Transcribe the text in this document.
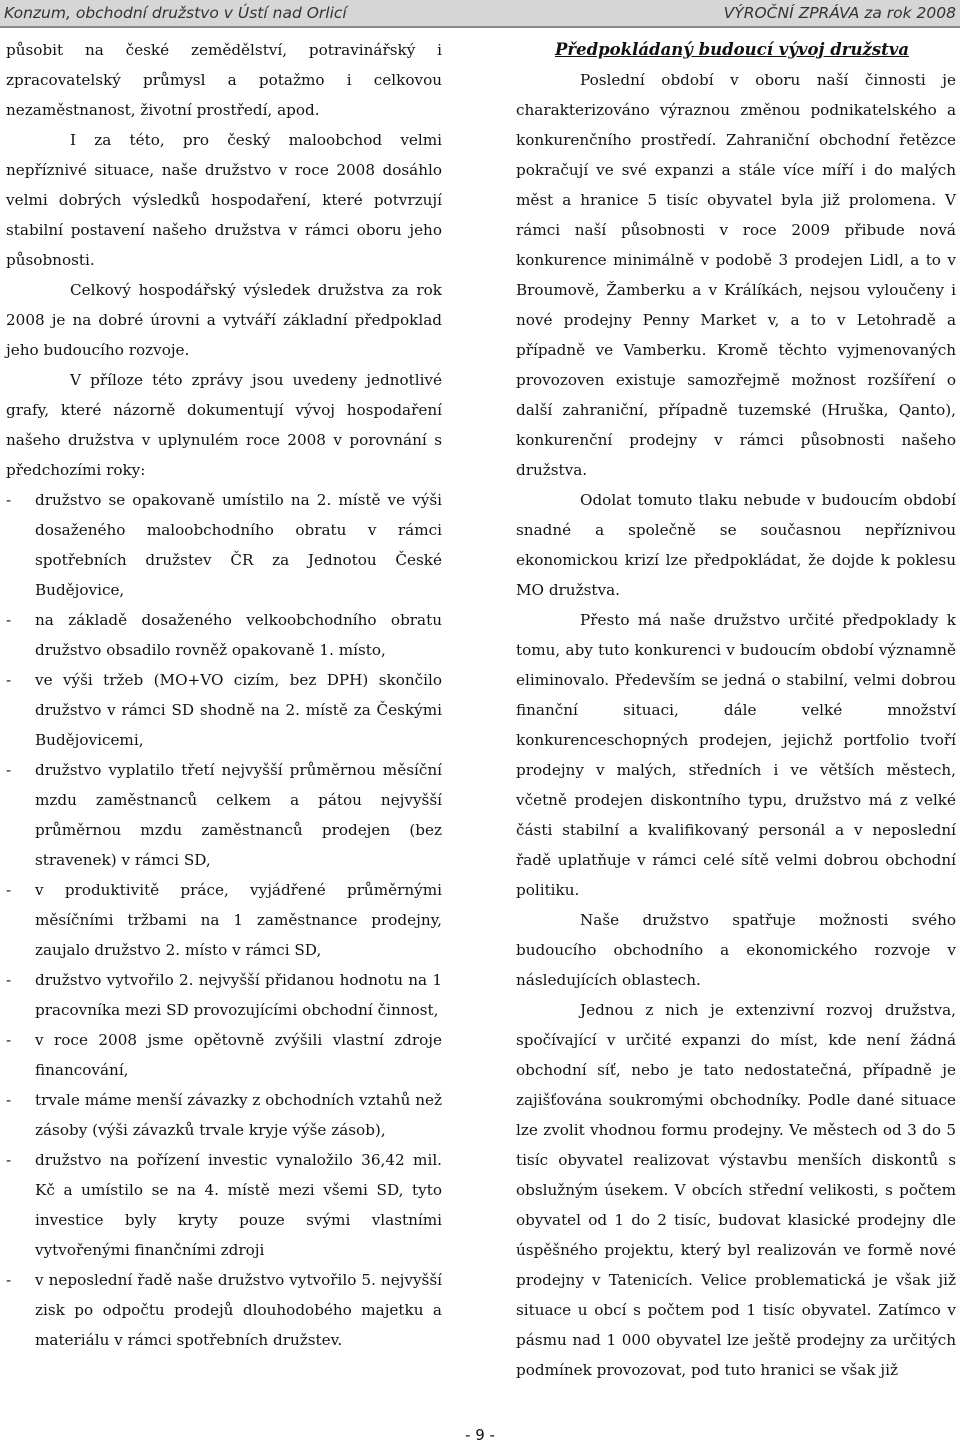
Konzum, obchodní družstvo v Ústí nad Orlicí	VÝROČNÍ ZPRÁVA za rok 2008

působit na české zemědělství, potravinářský i zpracovatelský průmysl a potažmo i celkovou nezaměstnanost, životní prostředí, apod.

I za této, pro český maloobchod velmi nepříznivé situace, naše družstvo v roce 2008 dosáhlo velmi dobrých výsledků hospodaření, které potvrzují stabilní postavení našeho družstva v rámci oboru jeho působnosti.

Celkový hospodářský výsledek družstva za rok 2008 je na dobré úrovni a vytváří základní předpoklad jeho budoucího rozvoje.

V příloze této zprávy jsou uvedeny jednotlivé grafy, které názorně dokumentují vývoj hospodaření našeho družstva v uplynulém roce 2008 v porovnání s předchozími roky:

- družstvo se opakovaně umístilo na 2. místě ve výši dosaženého maloobchodního obratu v rámci spotřebních družstev ČR za Jednotou České Budějovice,
- na základě dosaženého velkoobchodního obratu družstvo obsadilo rovněž opakovaně 1. místo,
- ve výši tržeb (MO+VO cizím, bez DPH) skončilo družstvo v rámci SD shodně na 2. místě za Českými Budějovicemi,
- družstvo vyplatilo třetí nejvyšší průměrnou měsíční mzdu zaměstnanců celkem a pátou nejvyšší průměrnou mzdu zaměstnanců prodejen (bez stravenek) v rámci SD,
- v produktivitě práce, vyjádřené průměrnými měsíčními tržbami na 1 zaměstnance prodejny, zaujalo družstvo 2. místo v rámci SD,
- družstvo vytvořilo 2. nejvyšší přidanou hodnotu na 1 pracovníka mezi SD provozujícími obchodní činnost,
- v roce 2008 jsme opětovně zvýšili vlastní zdroje financování,
- trvale máme menší závazky z obchodních vztahů než zásoby (výši závazků trvale kryje výše zásob),
- družstvo na pořízení investic vynaložilo 36,42 mil. Kč a umístilo se na 4. místě mezi všemi SD, tyto investice byly kryty pouze svými vlastními vytvořenými finančními zdroji
- v neposlední řadě naše družstvo vytvořilo 5. nejvyšší zisk po odpočtu prodejů dlouhodobého majetku a materiálu v rámci spotřebních družstev.

Předpokládaný budoucí vývoj družstva

Poslední období v oboru naší činnosti je charakterizováno výraznou změnou podnikatelského a konkurenčního prostředí. Zahraniční obchodní řetězce pokračují ve své expanzi a stále více míří i do malých měst a hranice 5 tisíc obyvatel byla již prolomena. V rámci naší působnosti v roce 2009 přibude nová konkurence minimálně v podobě 3 prodejen Lidl, a to v Broumově, Žamberku a v Králíkách, nejsou vyloučeny i nové prodejny Penny Market v, a to v Letohradě a případně ve Vamberku. Kromě těchto vyjmenovaných provozoven existuje samozřejmě možnost rozšíření o další zahraniční, případně tuzemské (Hruška, Qanto), konkurenční prodejny v rámci působnosti našeho družstva.

Odolat tomuto tlaku nebude v budoucím období snadné a společně se současnou nepříznivou ekonomickou krizí lze předpokládat, že dojde k poklesu MO družstva.

Přesto má naše družstvo určité předpoklady k tomu, aby tuto konkurenci v budoucím období významně eliminovalo. Především se jedná o stabilní, velmi dobrou finanční situaci, dále velké množství konkurenceschopných prodejen, jejichž portfolio tvoří prodejny v malých, středních i ve větších městech, včetně prodejen diskontního typu, družstvo má z velké části stabilní a kvalifikovaný personál a v neposlední řadě uplatňuje v rámci celé sítě velmi dobrou obchodní politiku.

Naše družstvo spatřuje možnosti svého budoucího obchodního a ekonomického rozvoje v následujících oblastech.

Jednou z nich je extenzivní rozvoj družstva, spočívající v určité expanzi do míst, kde není žádná obchodní síť, nebo je tato nedostatečná, případně je zajišťována soukromými obchodníky. Podle dané situace lze zvolit vhodnou formu prodejny. Ve městech od 3 do 5 tisíc obyvatel realizovat výstavbu menších diskontů s obslužným úsekem. V obcích střední velikosti, s počtem obyvatel od 1 do 2 tisíc, budovat klasické prodejny dle úspěšného projektu, který byl realizován ve formě nové prodejny v Tatenicích. Velice problematická je však již situace u obcí s počtem pod 1 tisíc obyvatel. Zatímco v pásmu nad 1 000 obyvatel lze ještě prodejny za určitých podmínek provozovat, pod tuto hranici se však již

- 9 -
